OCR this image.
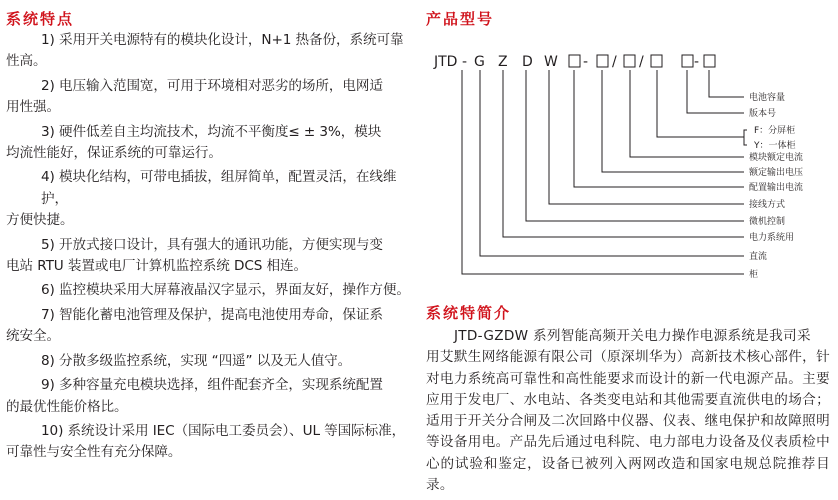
系统特点
1) 采用开关电源特有的模块化设计，N+1 热备份，系统可靠
性高。
2) 电压输入范围宽，可用于环境相对恶劣的场所，电网适
用性强。
3) 硬件低差自主均流技术，均流不平衡度≤ ± 3%，模块
均流性能好，保证系统的可靠运行。
4) 模块化结构，可带电插拔，组屏简单，配置灵活，在线维护，
方便快捷。
5) 开放式接口设计，具有强大的通讯功能，方便实现与变
电站 RTU 装置或电厂计算机监控系统 DCS 相连。
6) 监控模块采用大屏幕液晶汉字显示，界面友好，操作方便。
7) 智能化蓄电池管理及保护，提高电池使用寿命，保证系
统安全。
8) 分散多级监控系统，实现 “四遥” 以及无人值守。
9) 多种容量充电模块选择，组件配套齐全，实现系统配置
的最优性能价格比。
10) 系统设计采用 IEC（国际电工委员会）、UL 等国际标准，
可靠性与安全性有充分保障。
产品型号
JTD - G Z D W - / /	-
电池容量
版本号
F：分屏柜
Y：一体柜
模块额定电流
额定输出电压
配置输出电流
接线方式
微机控制
电力系统用
直流
柜
系统特简介
JTD-GZDW 系列智能高频开关电力操作电源系统是我司采
用艾默生网络能源有限公司（原深圳华为）高新技术核心部件，针对电力系统高可靠性和高性能要求而设计的新一代电源产品。主要应用于发电厂、水电站、各类变电站和其他需要直流供电的场合；适用于开关分合闸及二次回路中仪器、仪表、继电保护和故障照明等设备用电。产品先后通过电科院、电力部电力设备及仪表质检中心的试验和鉴定，设备已被列入两网改造和国家电规总院推荐目录。
